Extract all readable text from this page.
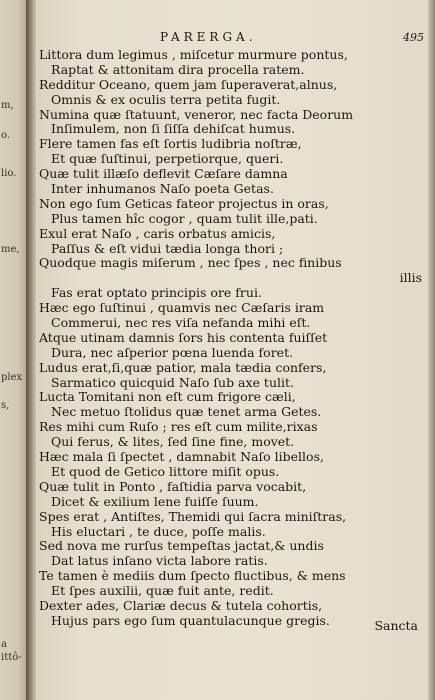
m,
o.
lio.
me,
plex
s,
a
ittô-
PARERGA.	495
Littora dum legimus , miſcetur murmure pontus,
Raptat & attonitam dira procella ratem.
Redditur Oceano, quem jam ſuperaverat,alnus,
Omnis & ex oculis terra petita fugit.
Numina quæ ſtatuunt, veneror, nec facta Deorum
Inſimulem, non ſi ſiſſa dehiſcat humus.
Flere tamen fas eſt ſortis ludibria noſtræ,
Et quæ ſuſtinui, perpetiorque, queri.
Quæ tulit illæſo deflevit Cæſare damna
Inter inhumanos Naſo poeta Getas.
Non ego ſum Geticas fateor projectus in oras,
Plus tamen hîc cogor , quam tulit ille,pati.
Exul erat Naſo , caris orbatus amicis,
Paſſus & eſt vidui tædia longa thori ;
Quodque magis miſerum , nec ſpes , nec finibus
illis
Fas erat optato principis ore frui.
Hæc ego ſuſtinui , quamvis nec Cæſaris iram
Commerui, nec res viſa nefanda mihi eſt.
Atque utinam damnis ſors his contenta fuiſſet
Dura, nec aſperior pœna luenda foret.
Ludus erat,ſi,quæ patior, mala tædia confers,
Sarmatico quicquid Naſo ſub axe tulit.
Lucta Tomitani non eſt cum frigore cæli,
Nec metuo ſtolidus quæ tenet arma Getes.
Res mihi cum Ruſo ; res eſt cum milite,rixas
Qui ferus, & lites, ſed ſine fine, movet.
Hæc mala ſi ſpectet , damnabit Naſo libellos,
Et quod de Getico littore miſit opus.
Quæ tulit in Ponto , faſtidia parva vocabit,
Dicet & exilium lene fuiſſe ſuum.
Spes erat , Antiſtes, Themidi qui ſacra miniſtras,
His eluctari , te duce, poſſe malis.
Sed nova me rurſus tempeſtas jactat,& undis
Dat latus inſano victa labore ratis.
Te tamen è mediis dum ſpecto fluctibus, & mens
Et ſpes auxilii, quæ fuit ante, redit.
Dexter ades, Clariæ decus & tutela cohortis,
Hujus pars ego ſum quantulacunque gregis.	Sancta
